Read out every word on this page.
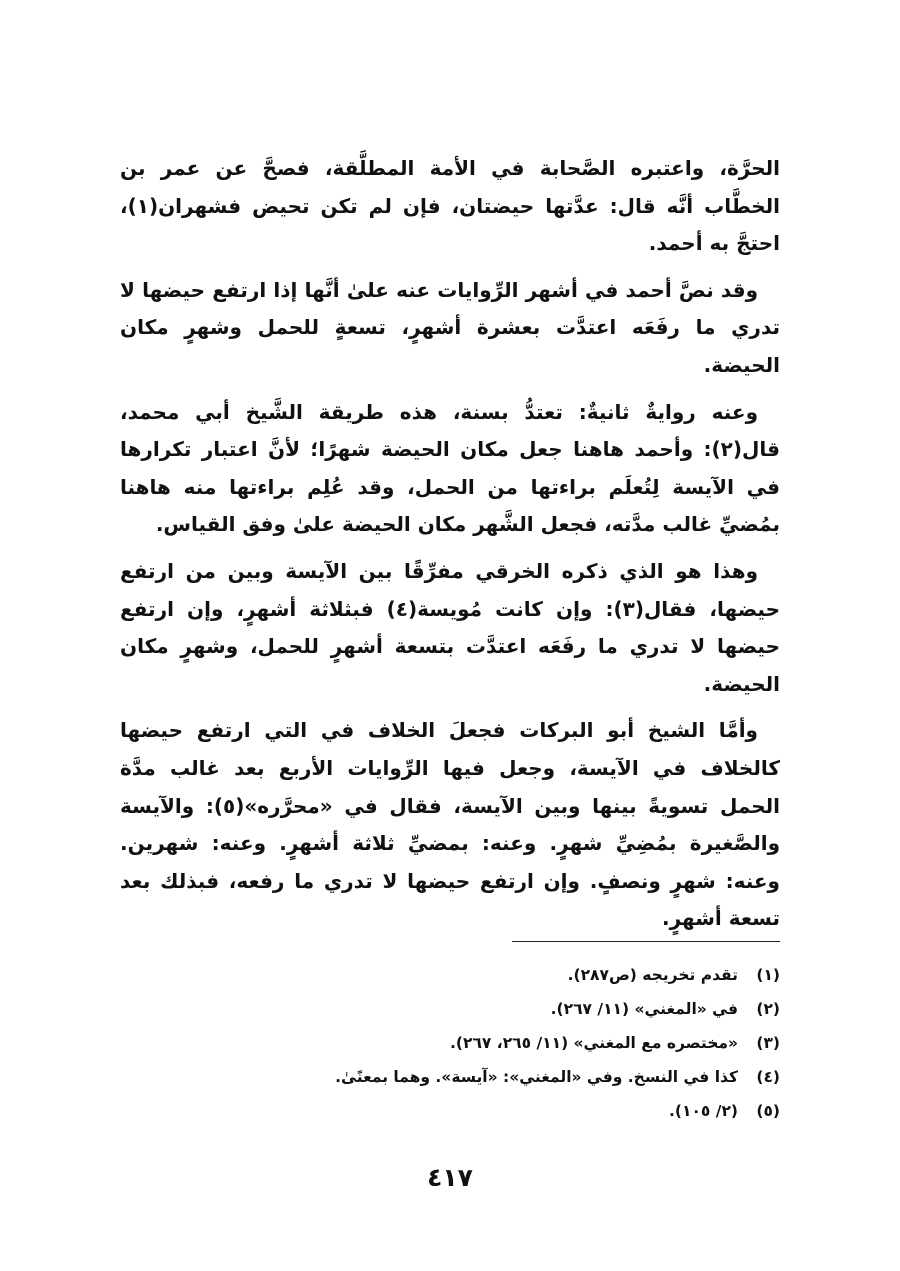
الحرَّة، واعتبره الصَّحابة في الأمة المطلَّقة، فصحَّ عن عمر بن الخطَّاب أنَّه قال: عدَّتها حيضتان، فإن لم تكن تحيض فشهران(١)، احتجَّ به أحمد.

وقد نصَّ أحمد في أشهر الرِّوايات عنه علىٰ أنَّها إذا ارتفع حيضها لا تدري ما رفَعَه اعتدَّت بعشرة أشهرٍ، تسعةٍ للحمل وشهرٍ مكان الحيضة.

وعنه روايةٌ ثانيةٌ: تعتدُّ بسنة، هذه طريقة الشَّيخ أبي محمد، قال(٢): وأحمد هاهنا جعل مكان الحيضة شهرًا؛ لأنَّ اعتبار تكرارها في الآيسة لِتُعلَم براءتها من الحمل، وقد عُلِم براءتها منه هاهنا بمُضيِّ غالب مدَّته، فجعل الشَّهر مكان الحيضة علىٰ وفق القياس.

وهذا هو الذي ذكره الخرقي مفرِّقًا بين الآيسة وبين من ارتفع حيضها، فقال(٣): وإن كانت مُويسة(٤) فبثلاثة أشهرٍ، وإن ارتفع حيضها لا تدري ما رفَعَه اعتدَّت بتسعة أشهرٍ للحمل، وشهرٍ مكان الحيضة.

وأمَّا الشيخ أبو البركات فجعلَ الخلاف في التي ارتفع حيضها كالخلاف في الآيسة، وجعل فيها الرِّوايات الأربع بعد غالب مدَّة الحمل تسويةً بينها وبين الآيسة، فقال في «محرَّره»(٥): والآيسة والصَّغيرة بمُضِيِّ شهرٍ. وعنه: بمضيِّ ثلاثة أشهرٍ. وعنه: شهرين. وعنه: شهرٍ ونصفٍ. وإن ارتفع حيضها لا تدري ما رفعه، فبذلك بعد تسعة أشهرٍ.

(١)تقدم تخريجه (ص٢٨٧).
(٢)في «المغني» (١١/ ٢٦٧).
(٣)«مختصره مع المغني» (١١/ ٢٦٥، ٢٦٧).
(٤)كذا في النسخ. وفي «المغني»: «آيسة». وهما بمعنًىٰ.
(٥)(٢/ ١٠٥).
٤١٧
